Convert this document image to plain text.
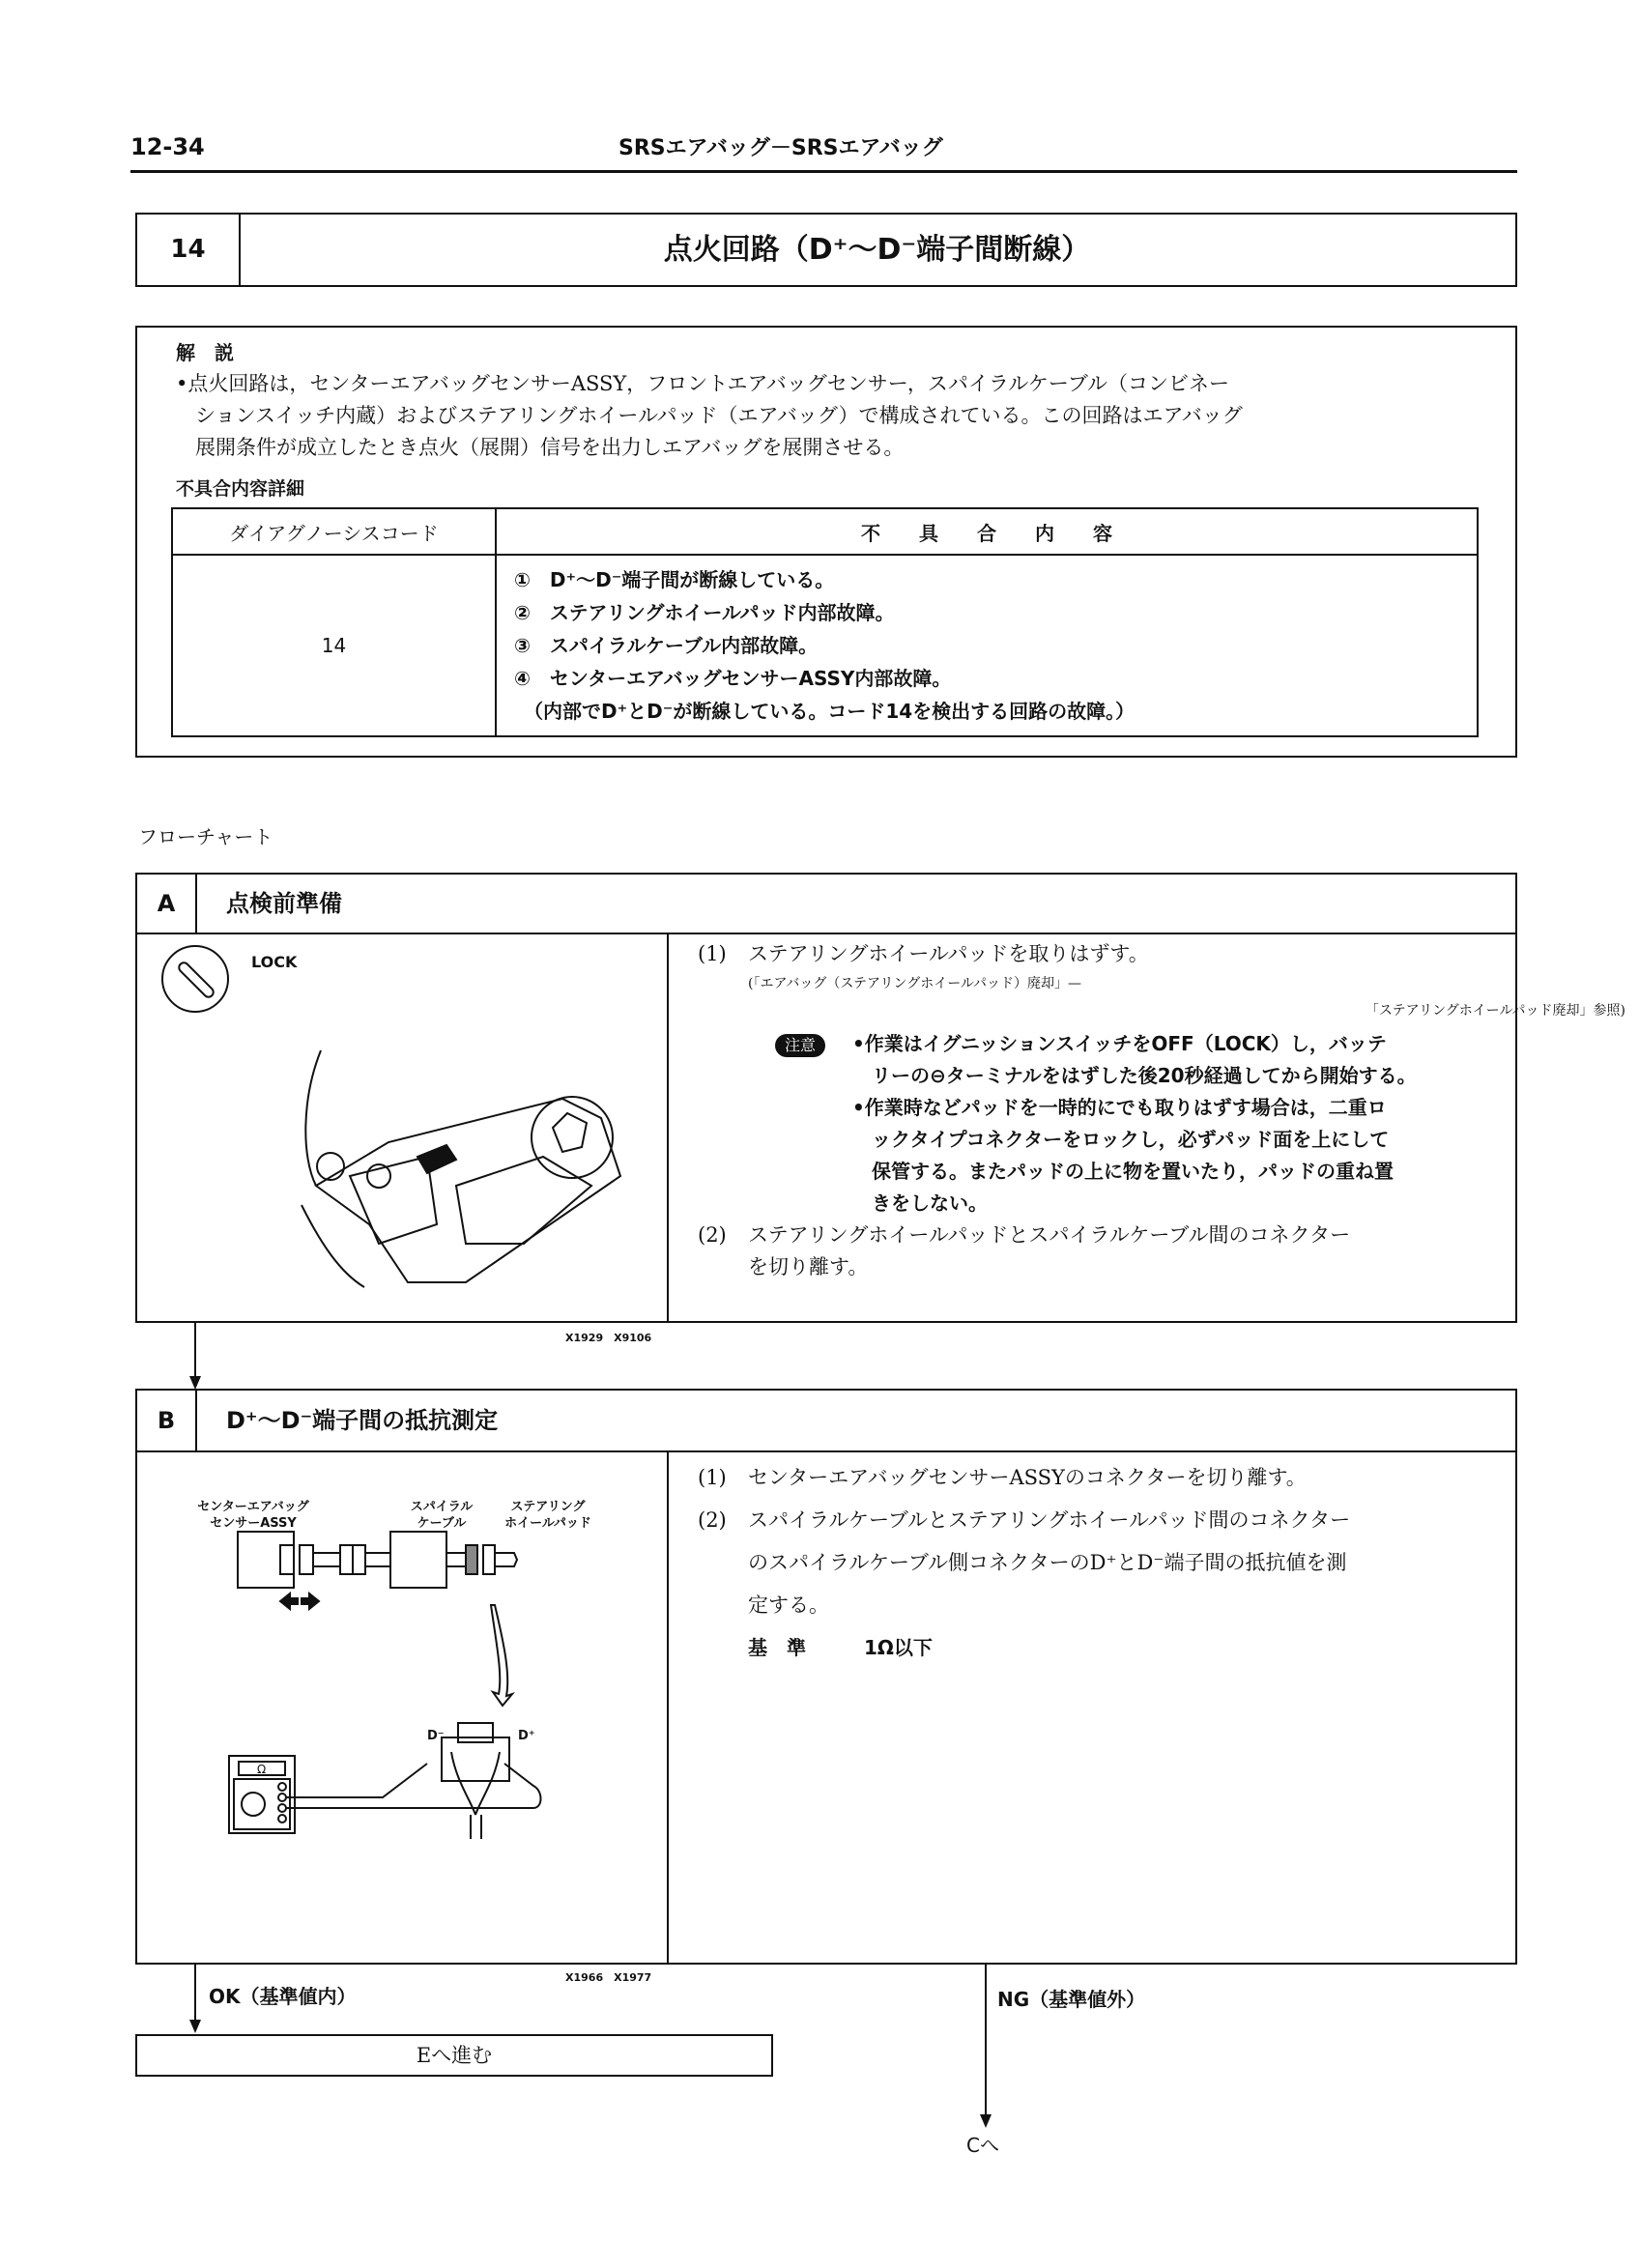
12-34	SRSエアバッグ－SRSエアバッグ
14	点火回路（D⁺～D⁻端子間断線）
解　説
•点火回路は，センターエアバッグセンサーASSY，フロントエアバッグセンサー，スパイラルケーブル（コンビネー
ションスイッチ内蔵）およびステアリングホイールパッド（エアバッグ）で構成されている。この回路はエアバッグ
展開条件が成立したとき点火（展開）信号を出力しエアバッグを展開させる。
不具合内容詳細
ダイアグノーシスコード	不　　具　　合　　内　　容
14	①　D⁺～D⁻端子間が断線している。
②　ステアリングホイールパッド内部故障。
③　スパイラルケーブル内部故障。
④　センターエアバッグセンサーASSY内部故障。
　（内部でD⁺とD⁻が断線している。コード14を検出する回路の故障。）
フローチャート
A	点検前準備
LOCK	(1) ステアリングホイールパッドを取りはずす。
(「エアバッグ（ステアリングホイールパッド）廃却」—
「ステアリングホイールパッド廃却」参照)
注意	•作業はイグニッションスイッチをOFF（LOCK）し，バッテ
リーの⊖ターミナルをはずした後20秒経過してから開始する。
•作業時などパッドを一時的にでも取りはずす場合は，二重ロ
ックタイプコネクターをロックし，必ずパッド面を上にして
保管する。またパッドの上に物を置いたり，パッドの重ね置
きをしない。
(2) ステアリングホイールパッドとスパイラルケーブル間のコネクター
を切り離す。
X1929　X9106
B	D⁺～D⁻端子間の抵抗測定
センターエアバッグ
センサーASSY
スパイラル
ケーブル
ステアリング
ホイールパッド
Ω
D⁻	D⁺
(1) センターエアバッグセンサーASSYのコネクターを切り離す。
(2) スパイラルケーブルとステアリングホイールパッド間のコネクター
のスパイラルケーブル側コネクターのD⁺とD⁻端子間の抵抗値を測
定する。
基　準	1Ω以下
X1966　X1977
OK（基準値内）
Eへ進む
NG（基準値外）
Cへ
